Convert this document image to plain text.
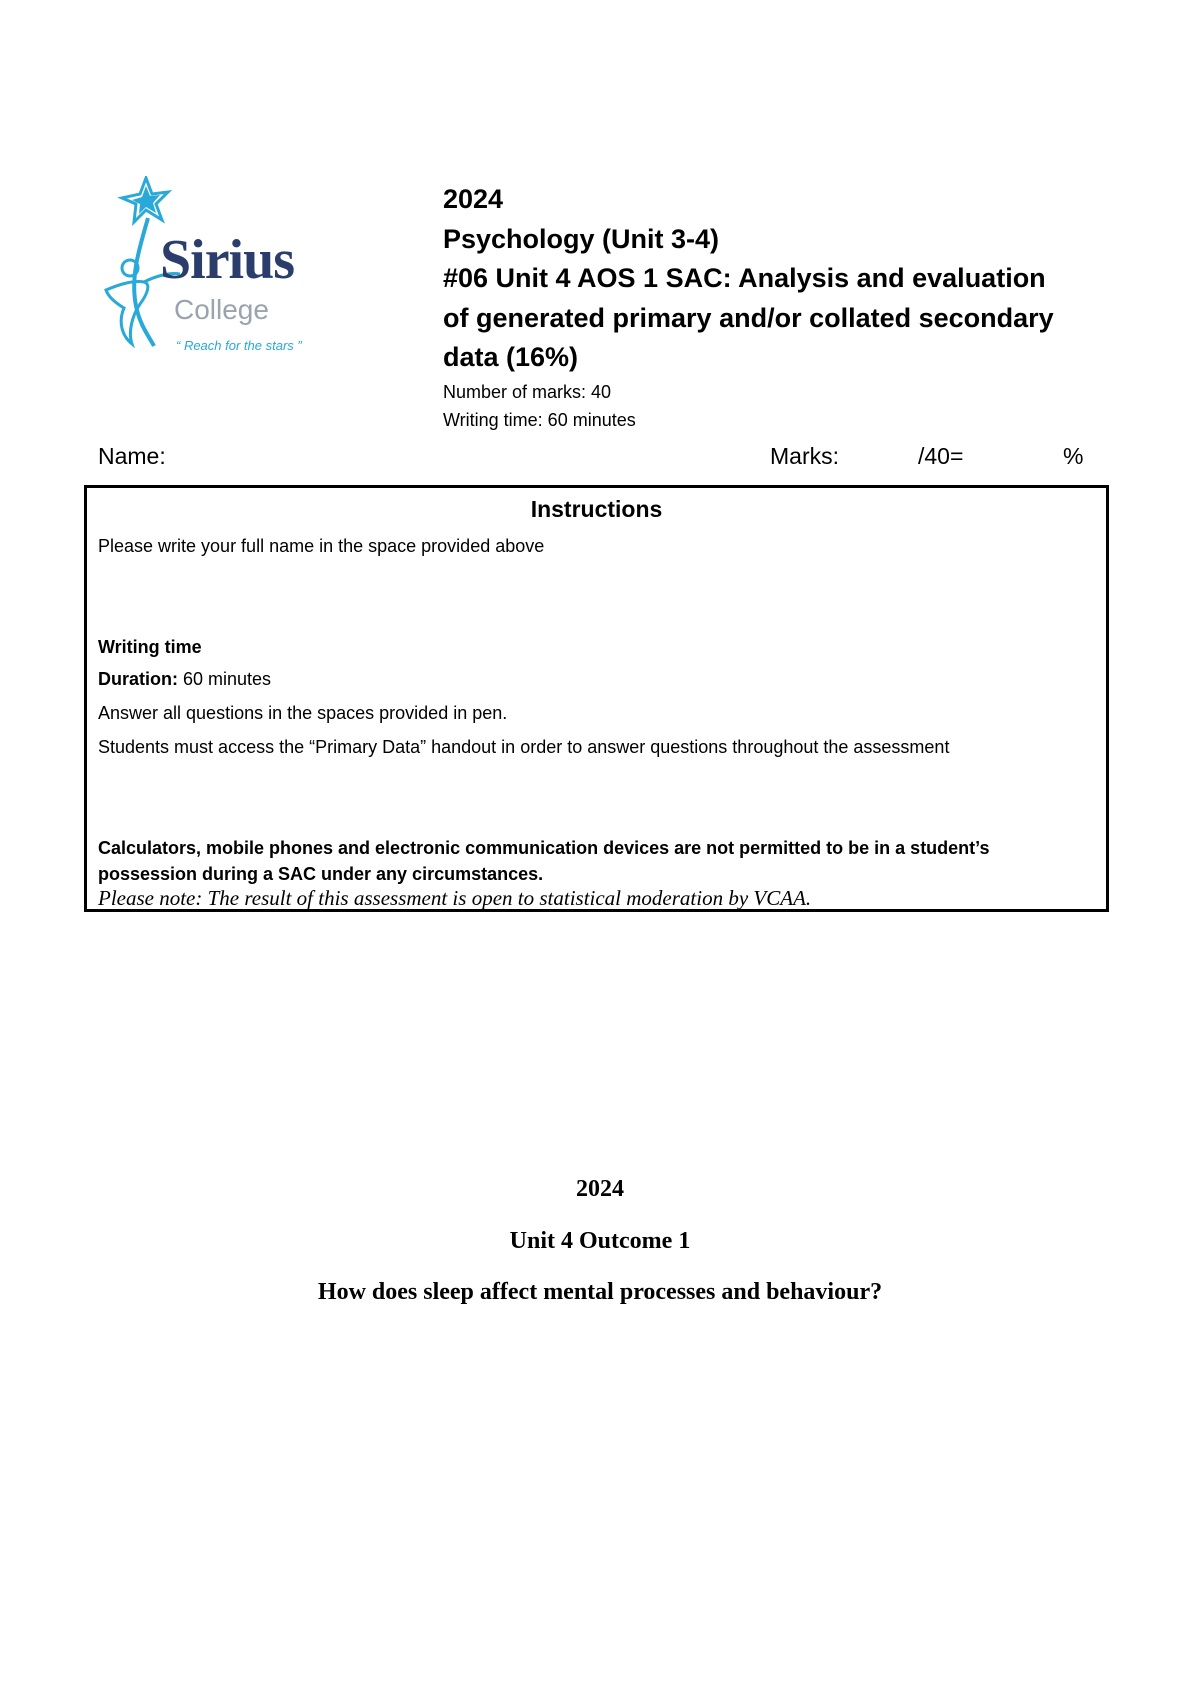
Sirius
College
“ Reach for the stars ”
2024
Psychology (Unit 3-4)
#06 Unit 4 AOS 1 SAC: Analysis and evaluation
of generated primary and/or collated secondary
data (16%)
Number of marks: 40
Writing time: 60 minutes
Name:	Marks:	/40=	%
Instructions
Please write your full name in the space provided above
Writing time
Duration: 60 minutes
Answer all questions in the spaces provided in pen.
Students must access the “Primary Data” handout in order to answer questions throughout the assessment
Calculators, mobile phones and electronic communication devices are not permitted to be in a student’s
possession during a SAC under any circumstances.
Please note: The result of this assessment is open to statistical moderation by VCAA.
2024
Unit 4 Outcome 1
How does sleep affect mental processes and behaviour?
